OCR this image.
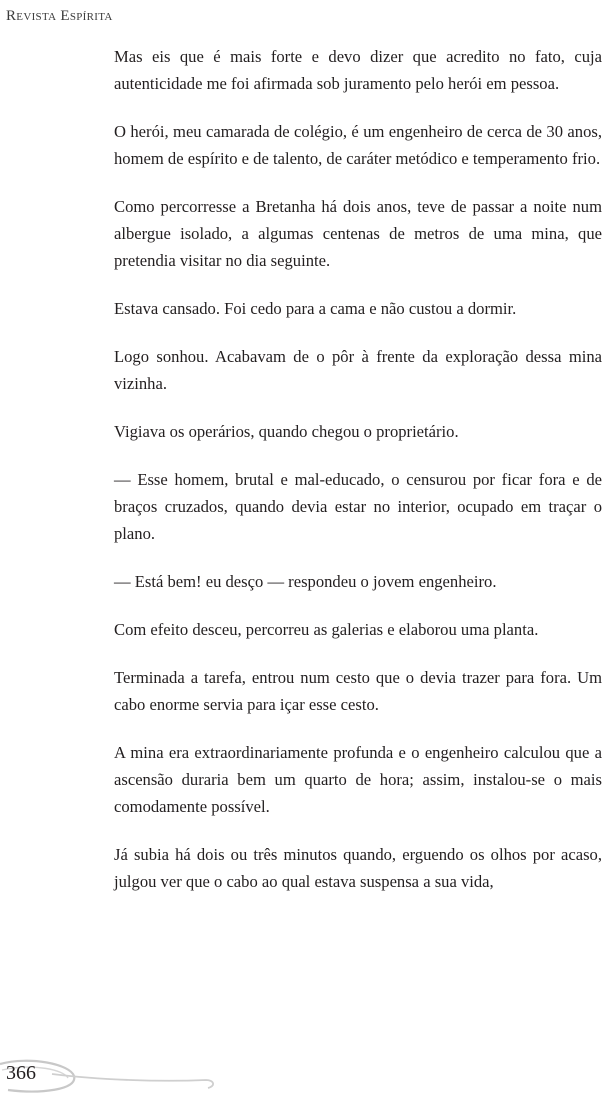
Revista Espírita

Mas eis que é mais forte e devo dizer que acredito no fato, cuja autenticidade me foi afirmada sob juramento pelo herói em pessoa.

O herói, meu camarada de colégio, é um engenheiro de cerca de 30 anos, homem de espírito e de talento, de caráter metódico e temperamento frio.

Como percorresse a Bretanha há dois anos, teve de passar a noite num albergue isolado, a algumas centenas de metros de uma mina, que pretendia visitar no dia seguinte.

Estava cansado. Foi cedo para a cama e não custou a dormir.

Logo sonhou. Acabavam de o pôr à frente da exploração dessa mina vizinha.

Vigiava os operários, quando chegou o proprietário.

— Esse homem, brutal e mal-educado, o censurou por ficar fora e de braços cruzados, quando devia estar no interior, ocupado em traçar o plano.

— Está bem! eu desço — respondeu o jovem engenheiro.

Com efeito desceu, percorreu as galerias e elaborou uma planta.

Terminada a tarefa, entrou num cesto que o devia trazer para fora. Um cabo enorme servia para içar esse cesto.

A mina era extraordinariamente profunda e o engenheiro calculou que a ascensão duraria bem um quarto de hora; assim, instalou-se o mais comodamente possível.

Já subia há dois ou três minutos quando, erguendo os olhos por acaso, julgou ver que o cabo ao qual estava suspensa a sua vida,

366
